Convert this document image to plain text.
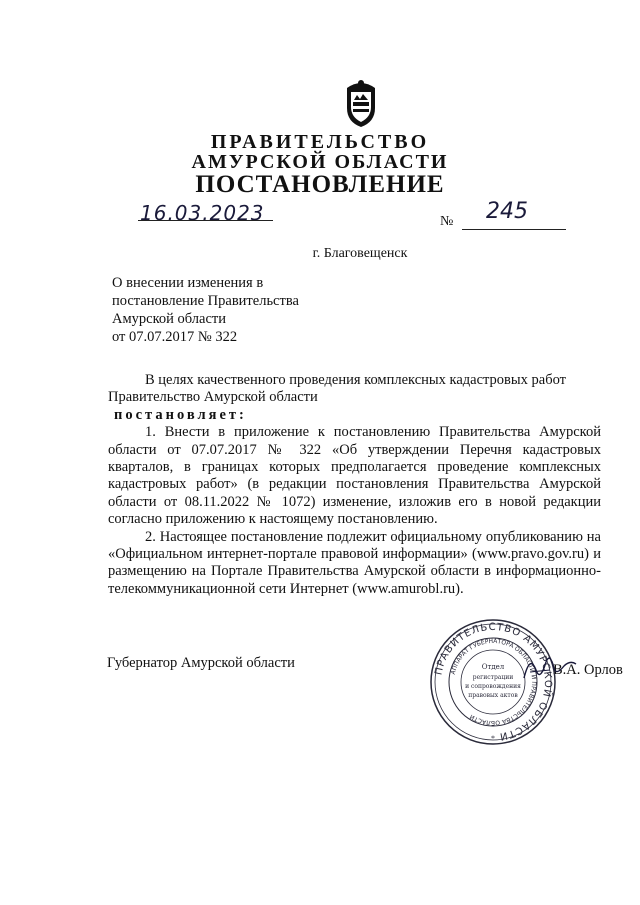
ПРАВИТЕЛЬСТВО
АМУРСКОЙ ОБЛАСТИ
ПОСТАНОВЛЕНИЕ
16.03.2023	№ 245
г. Благовещенск
О внесении изменения в
постановление Правительства
Амурской области
от 07.07.2017 № 322

В целях качественного проведения комплексных кадастровых работ

Правительство Амурской области

постановляет:

1. Внести в приложение к постановлению Правительства Амурской области от 07.07.2017 № 322 «Об утверждении Перечня кадастровых кварталов, в границах которых предполагается проведение комплексных кадастровых работ» (в редакции постановления Правительства Амурской области от 08.11.2022 № 1072) изменение, изложив его в новой редакции согласно приложению к настоящему постановлению.

2. Настоящее постановление подлежит официальному опубликованию на «Официальном интернет-портале правовой информации» (www.pravo.gov.ru) и размещению на Портале Правительства Амурской области в информационно-телекоммуникационной сети Интернет (www.amurobl.ru).

Губернатор Амурской области	В.А. Орлов
ПРАВИТЕЛЬСТВО АМУРСКОЙ ОБЛАСТИ
АППАРАТ ГУБЕРНАТОРА ОБЛАСТИ И ПРАВИТЕЛЬСТВА ОБЛАСТИ
Отдел
регистрации
и сопровождения
правовых актов
*
